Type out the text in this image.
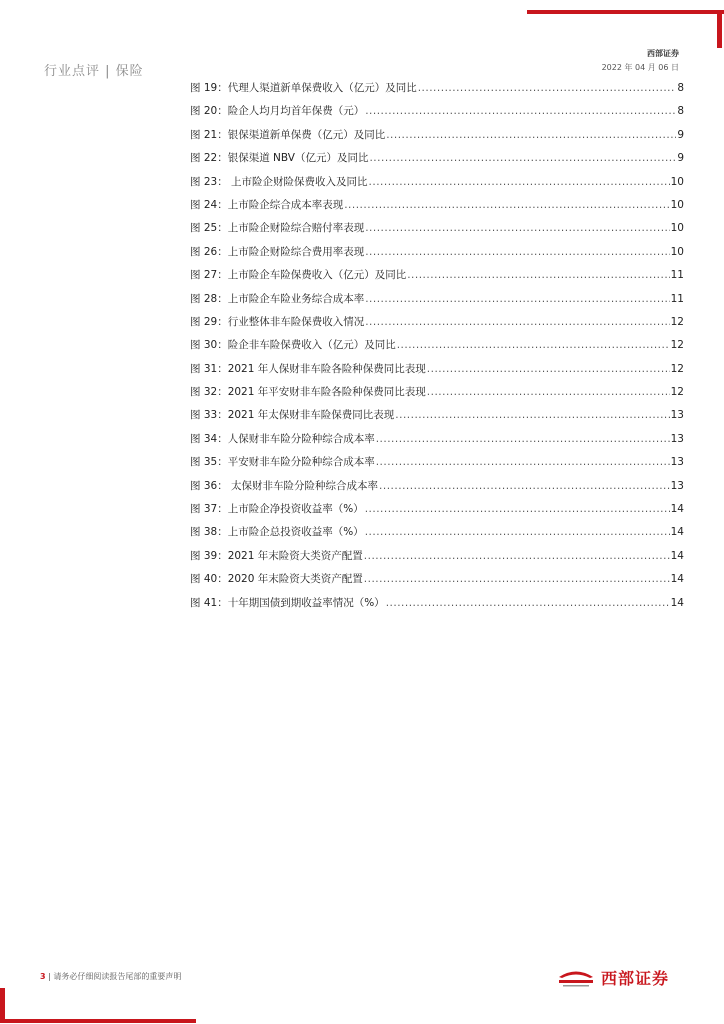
行业点评 | 保险
西部证券
2022 年 04 月 06 日
图 19：代理人渠道新单保费收入（亿元）及同比 .....	8
图 20：险企人均月均首年保费（元） .....	8
图 21：银保渠道新单保费（亿元）及同比 .....	9
图 22：银保渠道 NBV（亿元）及同比 .....	9
图 23： 上市险企财险保费收入及同比 .....	10
图 24：上市险企综合成本率表现 .....	10
图 25：上市险企财险综合赔付率表现 .....	10
图 26：上市险企财险综合费用率表现 .....	10
图 27：上市险企车险保费收入（亿元）及同比 .....	11
图 28：上市险企车险业务综合成本率 .....	11
图 29：行业整体非车险保费收入情况 .....	12
图 30：险企非车险保费收入（亿元）及同比 .....	12
图 31：2021 年人保财非车险各险种保费同比表现 .....	12
图 32：2021 年平安财非车险各险种保费同比表现 .....	12
图 33：2021 年太保财非车险保费同比表现 .....	13
图 34：人保财非车险分险种综合成本率 .....	13
图 35：平安财非车险分险种综合成本率 .....	13
图 36： 太保财非车险分险种综合成本率 .....	13
图 37：上市险企净投资收益率（%） .....	14
图 38：上市险企总投资收益率（%） .....	14
图 39：2021 年末险资大类资产配置 .....	14
图 40：2020 年末险资大类资产配置 .....	14
图 41：十年期国债到期收益率情况（%） .....	14
3 | 请务必仔细阅读报告尾部的重要声明	西部证券
